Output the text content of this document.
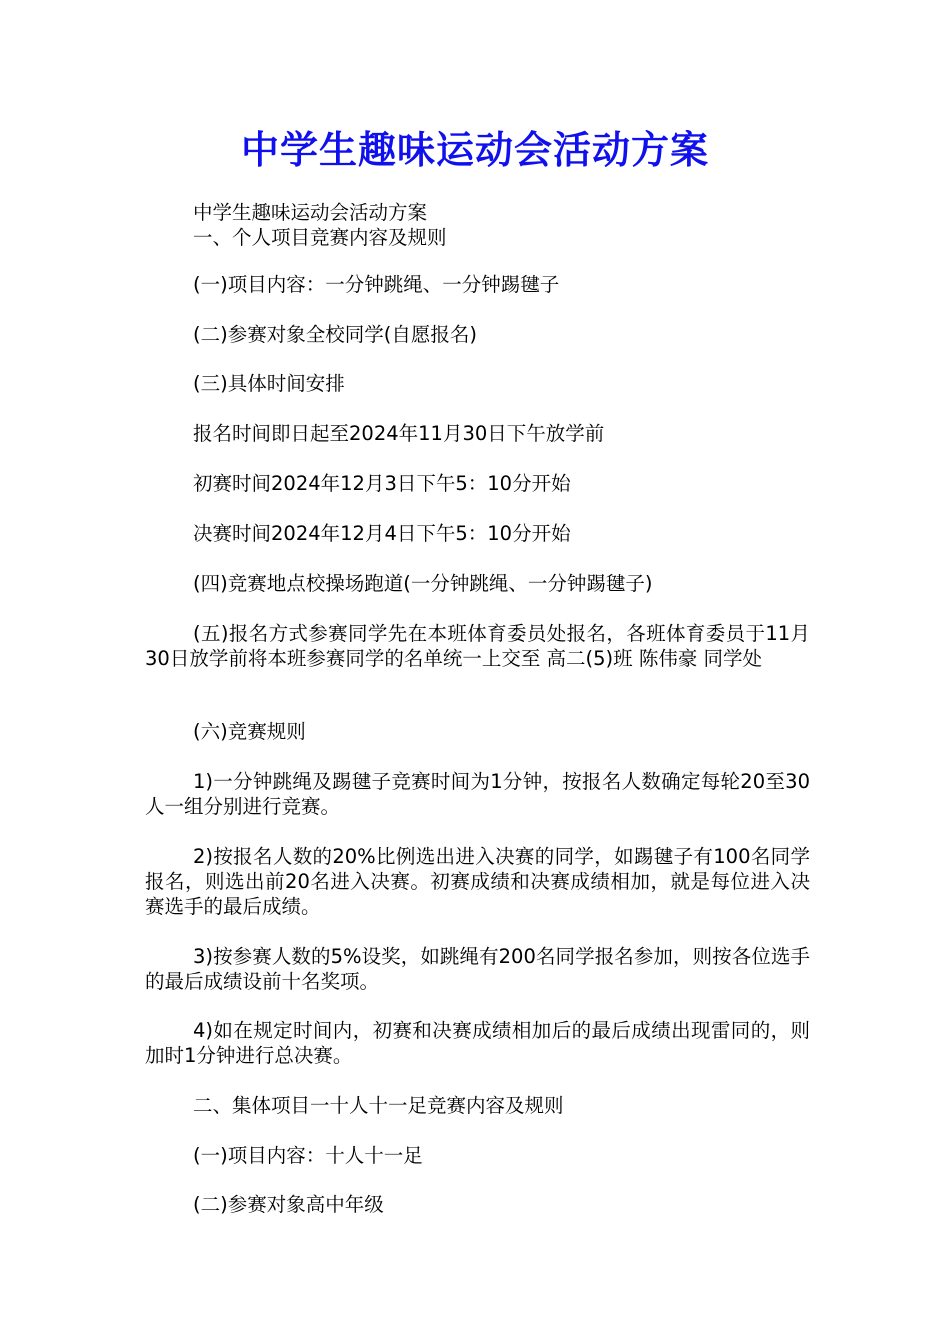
中学生趣味运动会活动方案

中学生趣味运动会活动方案

一、个人项目竞赛内容及规则

(一)项目内容：一分钟跳绳、一分钟踢毽子

(二)参赛对象全校同学(自愿报名)

(三)具体时间安排

报名时间即日起至2024年11月30日下午放学前

初赛时间2024年12月3日下午5：10分开始

决赛时间2024年12月4日下午5：10分开始

(四)竞赛地点校操场跑道(一分钟跳绳、一分钟踢毽子)

(五)报名方式参赛同学先在本班体育委员处报名，各班体育委员于11月30日放学前将本班参赛同学的名单统一上交至 高二(5)班 陈伟豪 同学处

(六)竞赛规则

1)一分钟跳绳及踢毽子竞赛时间为1分钟，按报名人数确定每轮20至30人一组分别进行竞赛。

2)按报名人数的20%比例选出进入决赛的同学，如踢毽子有100名同学报名，则选出前20名进入决赛。初赛成绩和决赛成绩相加，就是每位进入决赛选手的最后成绩。

3)按参赛人数的5%设奖，如跳绳有200名同学报名参加，则按各位选手的最后成绩设前十名奖项。

4)如在规定时间内，初赛和决赛成绩相加后的最后成绩出现雷同的，则加时1分钟进行总决赛。

二、集体项目一十人十一足竞赛内容及规则

(一)项目内容：十人十一足

(二)参赛对象高中年级
